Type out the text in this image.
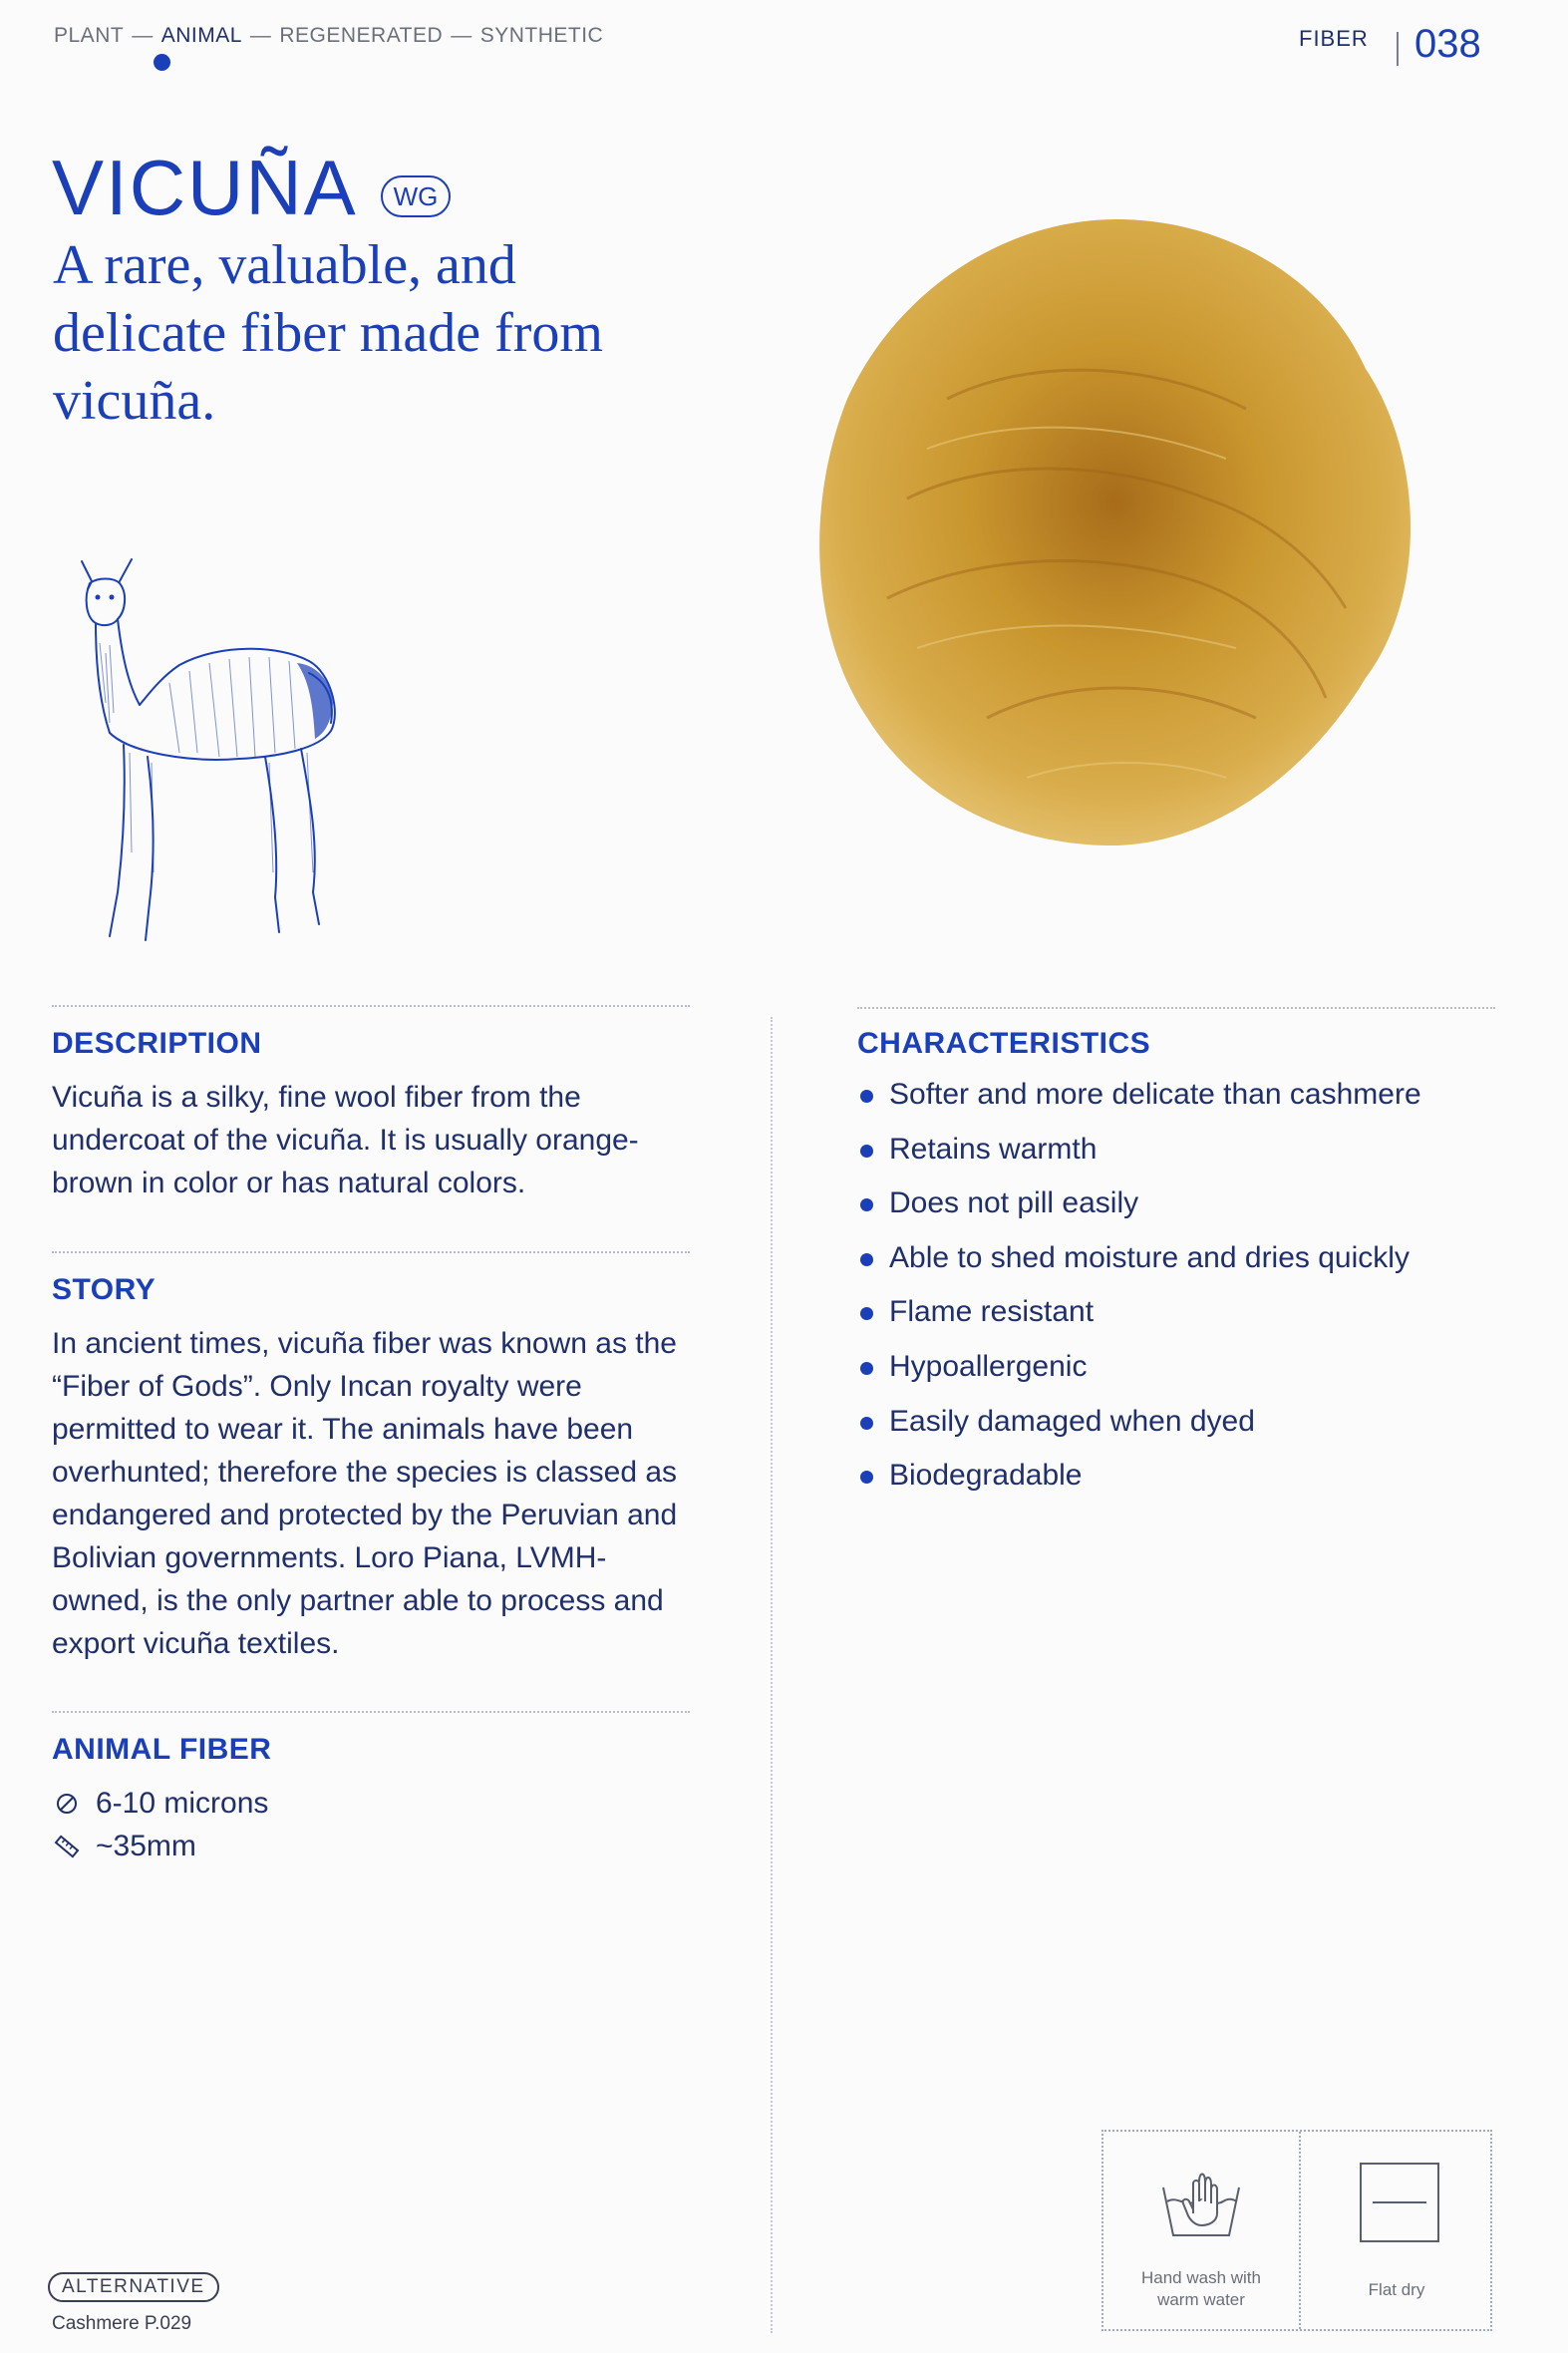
PLANT — ANIMAL — REGENERATED — SYNTHETIC	FIBER 038
VICUÑA	WG
A rare, valuable, and delicate fiber made from vicuña.
DESCRIPTION
Vicuña is a silky, fine wool fiber from the undercoat of the vicuña. It is usually orange-brown in color or has natural colors.
STORY
In ancient times, vicuña fiber was known as the “Fiber of Gods”. Only Incan royalty were permitted to wear it. The animals have been overhunted; therefore the species is classed as endangered and protected by the Peruvian and Bolivian governments. Loro Piana, LVMH-owned, is the only partner able to process and export vicuña textiles.
ANIMAL FIBER
6-10 microns
~35mm
CHARACTERISTICS
Softer and more delicate than cashmere
Retains warmth
Does not pill easily
Able to shed moisture and dries quickly
Flame resistant
Hypoallergenic
Easily damaged when dyed
Biodegradable
Hand wash with
warm water
Flat dry
ALTERNATIVE
Cashmere P.029
